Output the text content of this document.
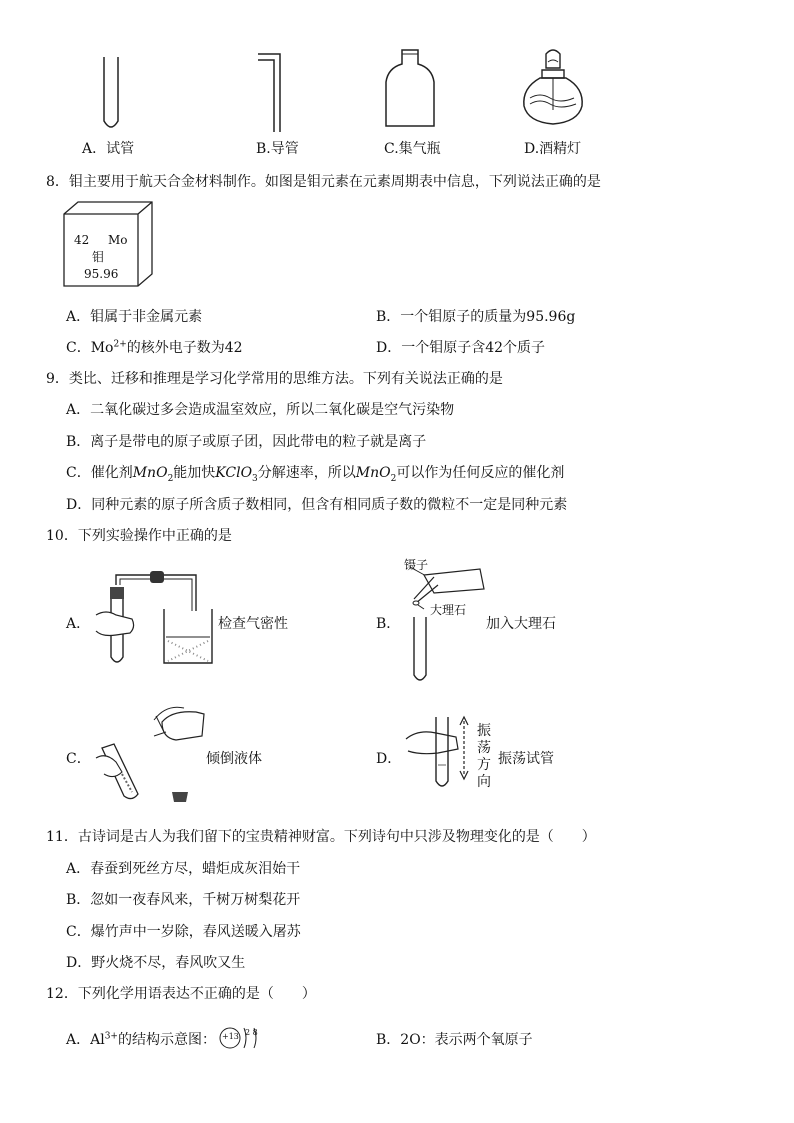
A．试管	B.导管	C.集气瓶	D.酒精灯
8．钼主要用于航天合金材料制作。如图是钼元素在元素周期表中信息，下列说法正确的是
42 Mo
钼
95.96
A．钼属于非金属元素	B．一个钼原子的质量为95.96g
C．$Mo^{2+}$的核外电子数为42	D．一个钼原子含42个质子
9．类比、迁移和推理是学习化学常用的思维方法。下列有关说法正确的是
A．二氧化碳过多会造成温室效应，所以二氧化碳是空气污染物
B．离子是带电的原子或原子团，因此带电的粒子就是离子
C．催化剂MnO$_2$能加快KClO$_3$分解速率，所以MnO$_2$可以作为任何反应的催化剂
D．同种元素的原子所含质子数相同，但含有相同质子数的微粒不一定是同种元素
10．下列实验操作中正确的是
A．	检查气密性	B．
镊子
大理石
加入大理石
C．	倾倒液体	D．
振
荡
方
向
振荡试管
11．古诗词是古人为我们留下的宝贵精神财富。下列诗句中只涉及物理变化的是（　　）
A．春蚕到死丝方尽，蜡炬成灰泪始干
B．忽如一夜春风来，千树万树梨花开
C．爆竹声中一岁除，春风送暖入屠苏
D．野火烧不尽，春风吹又生
12．下列化学用语表达不正确的是（　　）
A．$Al^{3+}$的结构示意图： +13 2 8	B．2O：表示两个氧原子
